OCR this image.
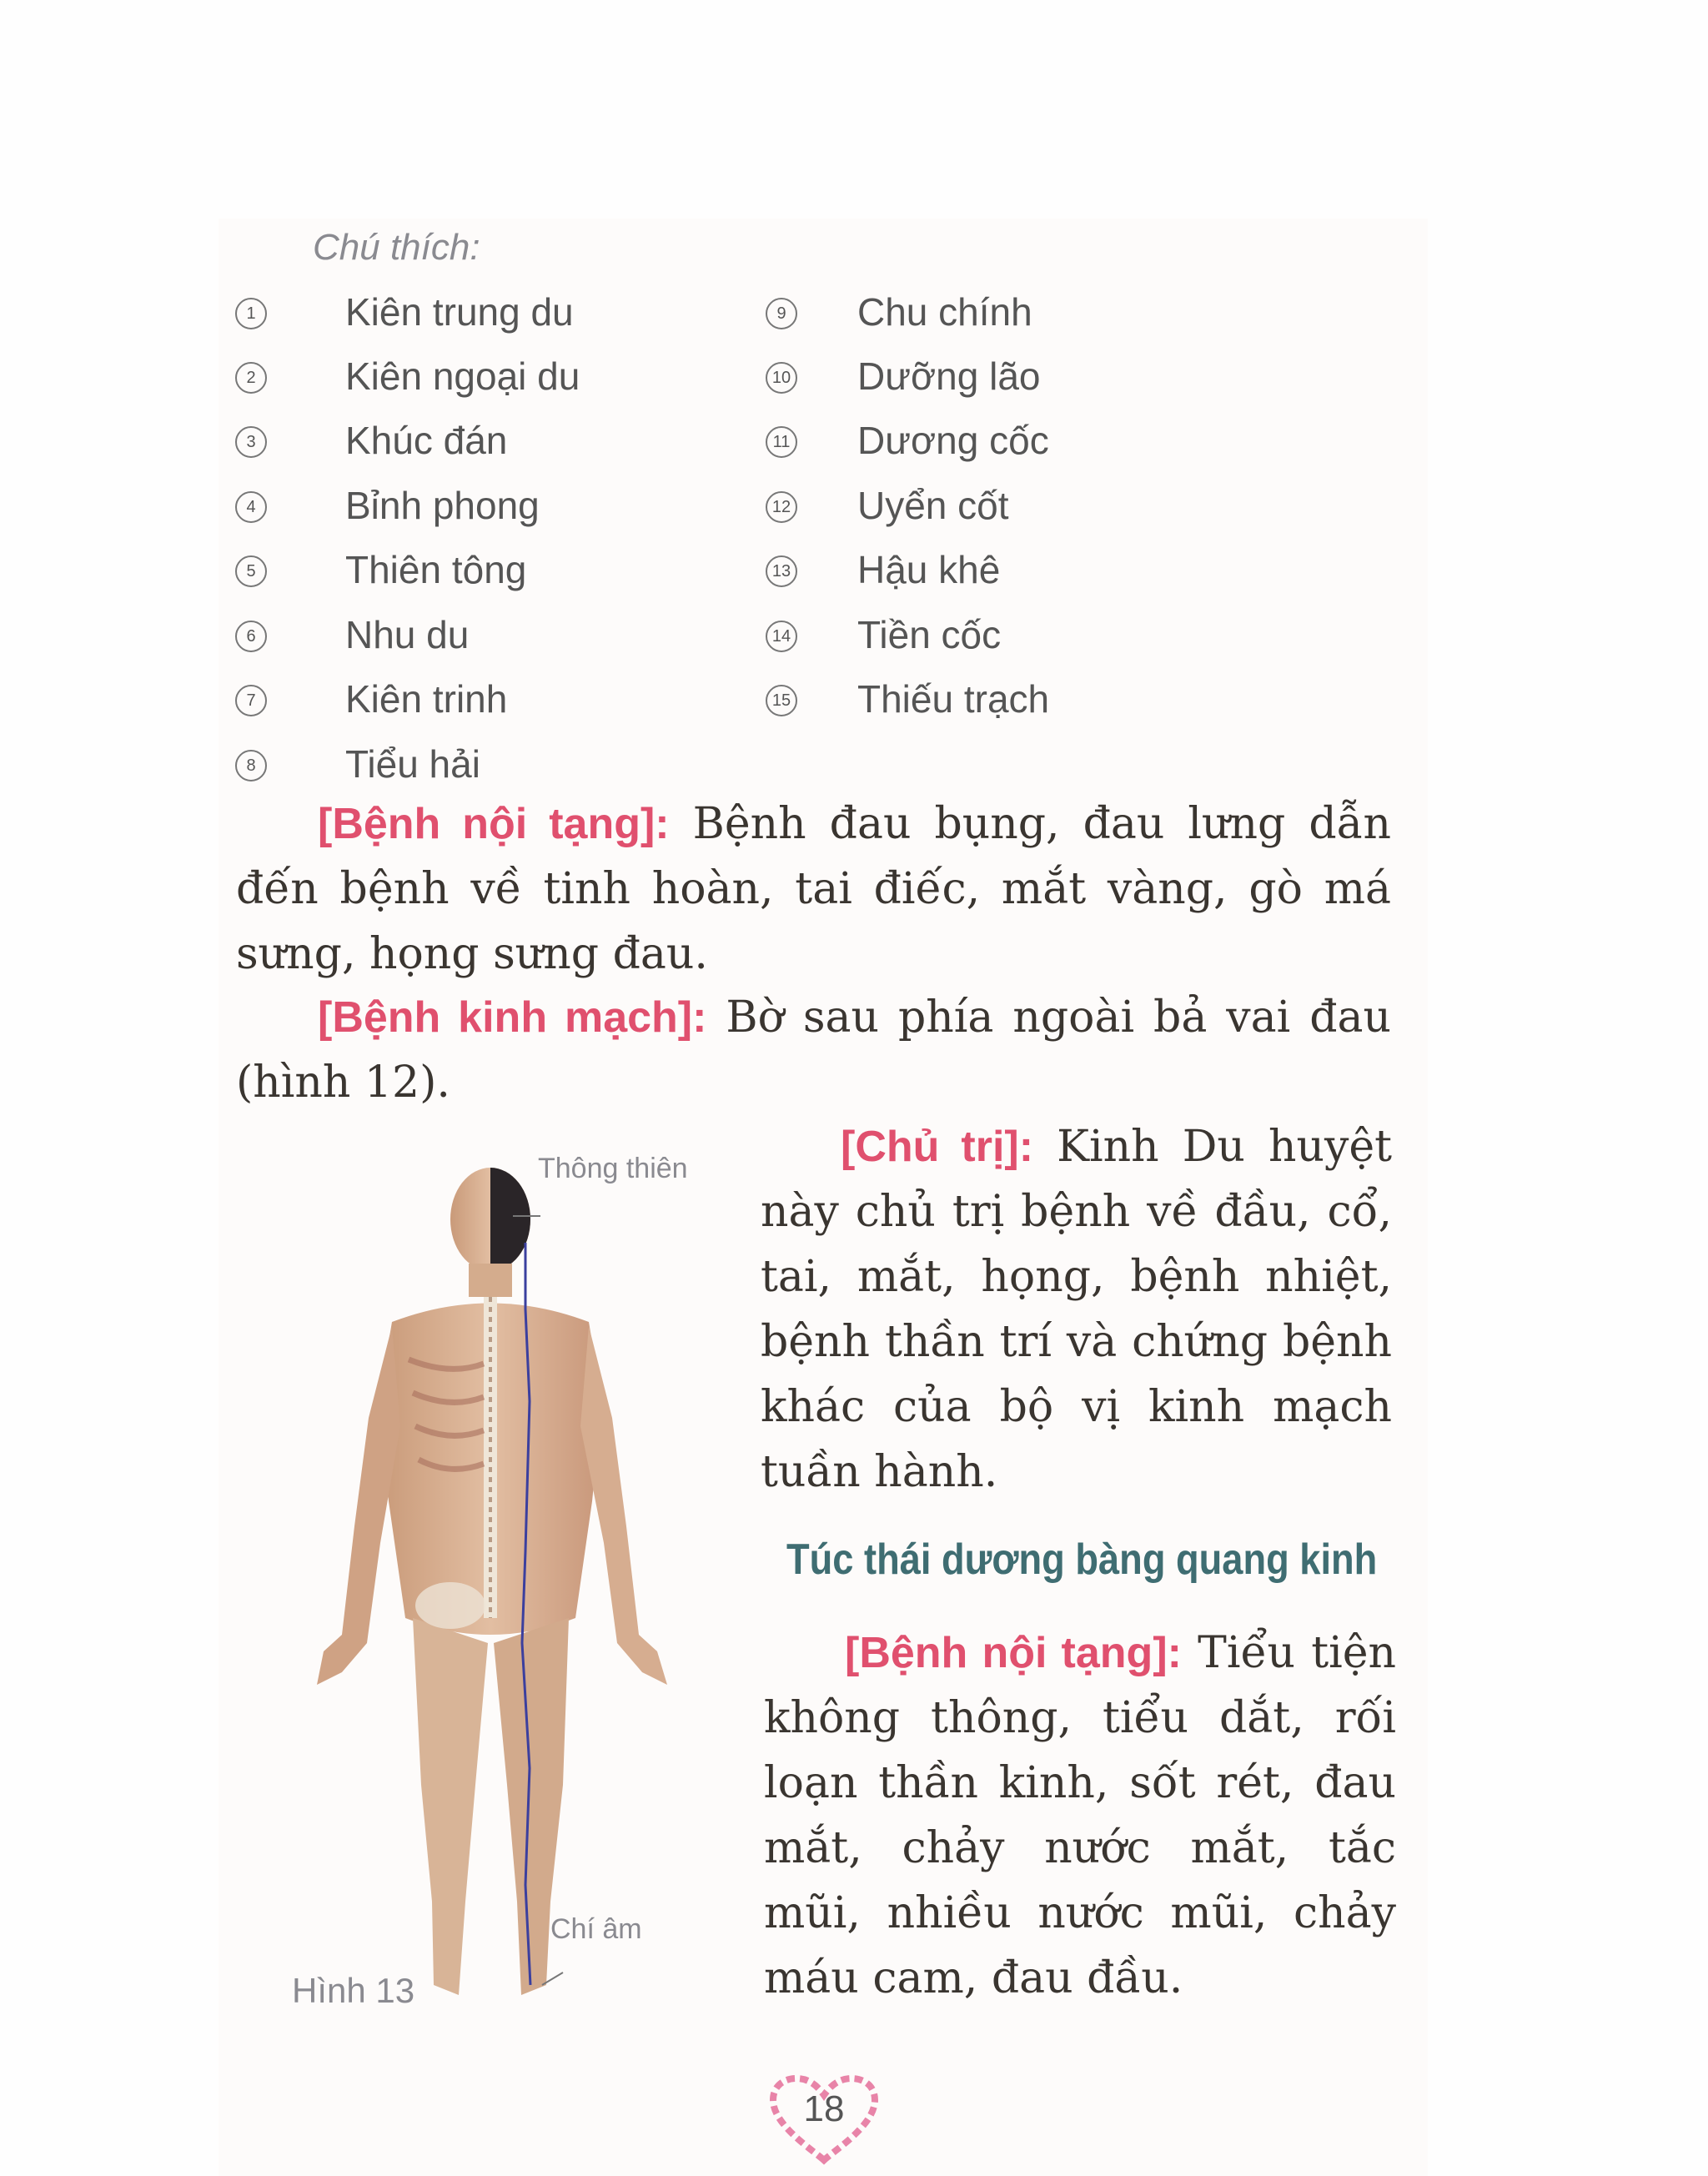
Chú thích:
1 Kiên trung du
2 Kiên ngoại du
3 Khúc đán
4 Bỉnh phong
5 Thiên tông
6 Nhu du
7 Kiên trinh
8 Tiểu hải
9 Chu chính
10 Dưỡng lão
11 Dương cốc
12 Uyển cốt
13 Hậu khê
14 Tiền cốc
15 Thiếu trạch
[Bệnh nội tạng]: Bệnh đau bụng, đau lưng dẫn đến bệnh về tinh hoàn, tai điếc, mắt vàng, gò má sưng, họng sưng đau.
[Bệnh kinh mạch]: Bờ sau phía ngoài bả vai đau (hình 12).
[Chủ trị]: Kinh Du huyệt này chủ trị bệnh về đầu, cổ, tai, mắt, họng, bệnh nhiệt, bệnh thần trí và chứng bệnh khác của bộ vị kinh mạch tuần hành.
Túc thái dương bàng quang kinh
[Bệnh nội tạng]: Tiểu tiện không thông, tiểu dắt, rối loạn thần kinh, sốt rét, đau mắt, chảy nước mắt, tắc mũi, nhiều nước mũi, chảy máu cam, đau đầu.
Thông thiên
Chí âm
Hình 13
18
